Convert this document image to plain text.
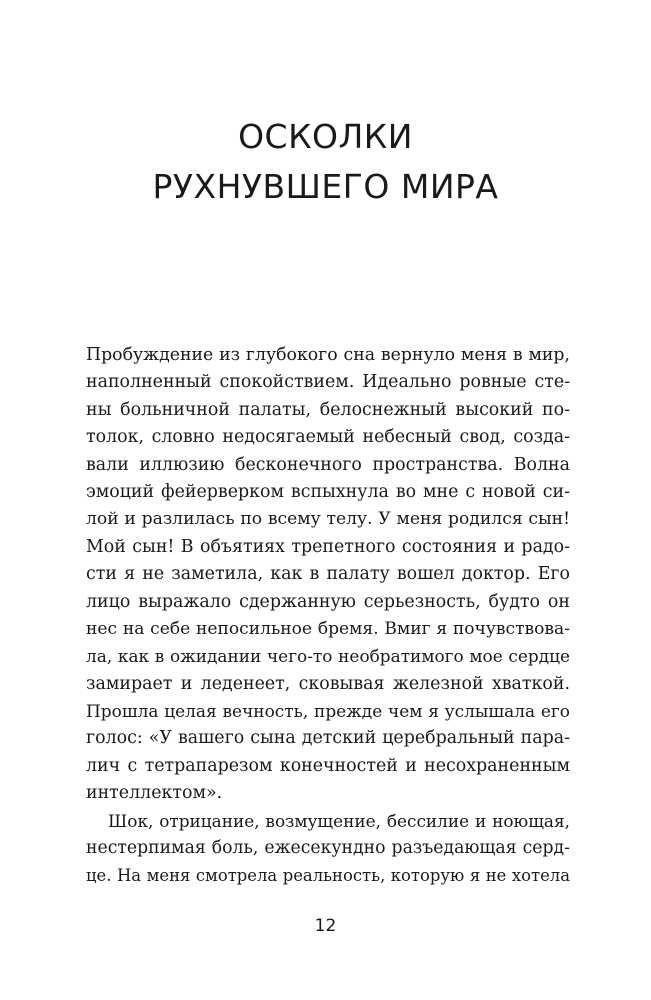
ОСКОЛКИ
РУХНУВШЕГО МИРА
Пробуждение из глубокого сна вернуло меня в мир,
наполненный спокойствием. Идеально ровные сте-
ны больничной палаты, белоснежный высокий по-
толок, словно недосягаемый небесный свод, созда-
вали иллюзию бесконечного пространства. Волна
эмоций фейерверком вспыхнула во мне с новой си-
лой и разлилась по всему телу. У меня родился сын!
Мой сын! В объятиях трепетного состояния и радо-
сти я не заметила, как в палату вошел доктор. Его
лицо выражало сдержанную серьезность, будто он
нес на себе непосильное бремя. Вмиг я почувствова-
ла, как в ожидании чего-то необратимого мое сердце
замирает и леденеет, сковывая железной хваткой.
Прошла целая вечность, прежде чем я услышала его
голос: «У вашего сына детский церебральный пара-
лич с тетрапарезом конечностей и несохраненным
интеллектом».
Шок, отрицание, возмущение, бессилие и ноющая,
нестерпимая боль, ежесекундно разъедающая серд-
це. На меня смотрела реальность, которую я не хотела
12
